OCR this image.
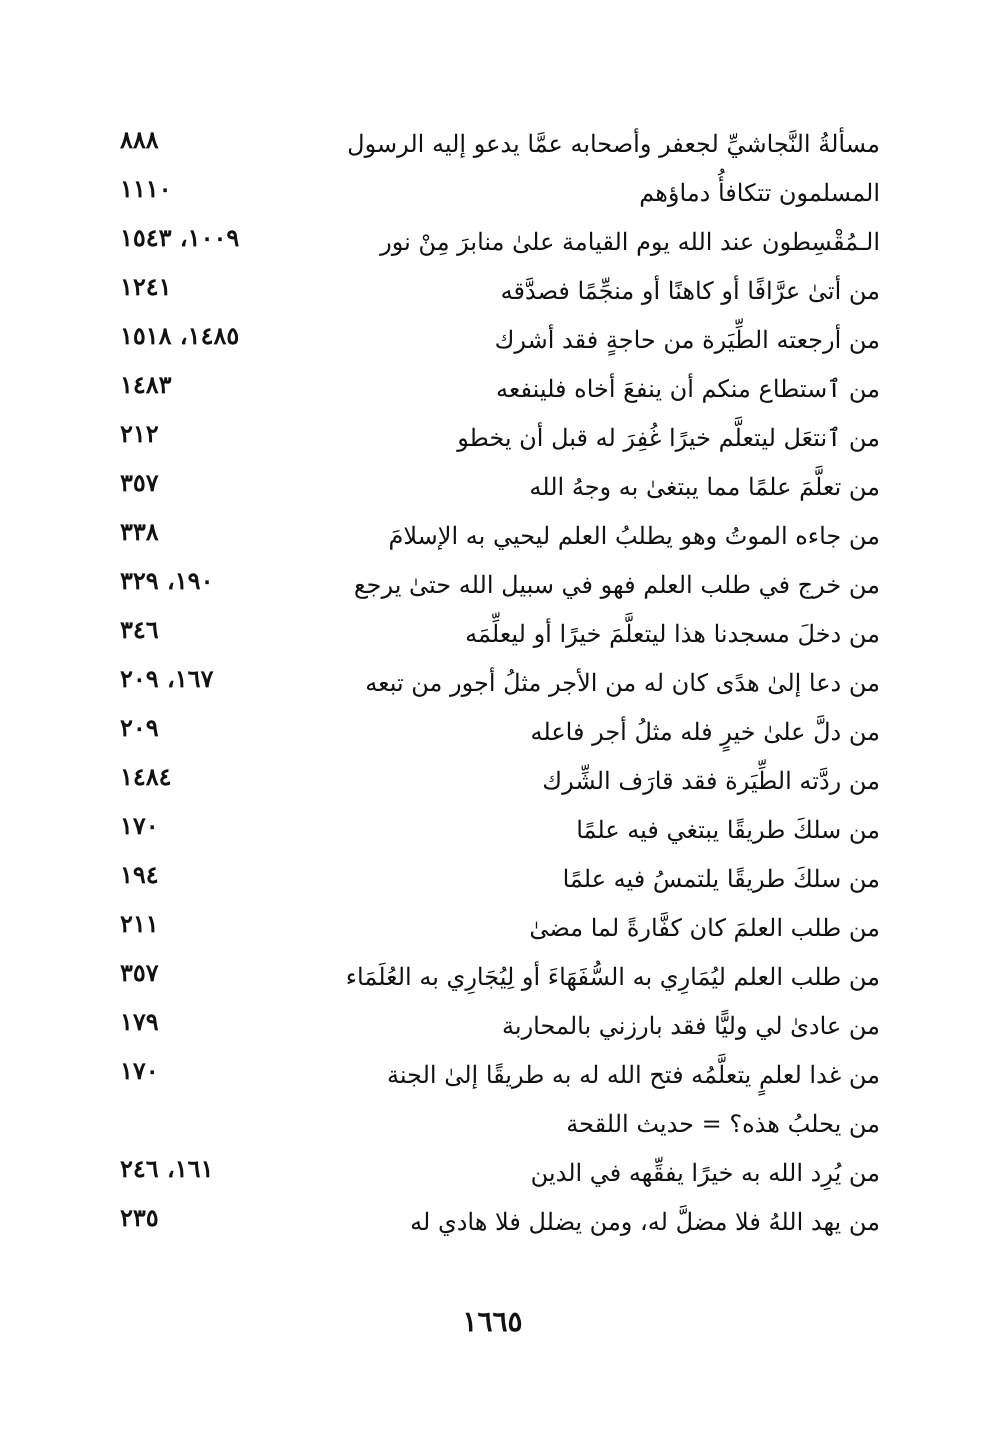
مسألةُ النَّجاشيِّ لجعفر وأصحابه عمَّا يدعو إليه الرسول
٨٨٨
المسلمون تتكافأُ دماؤهم
١١١٠
الـمُقْسِطون عند الله يوم القيامة علىٰ منابرَ مِنْ نور
١٠٠٩، ١٥٤٣
من أتىٰ عرَّافًا أو كاهنًا أو منجِّمًا فصدَّقه
١٢٤١
من أرجعته الطِّيَرة من حاجةٍ فقد أشرك
١٤٨٥، ١٥١٨
من ٱستطاع منكم أن ينفعَ أخاه فلينفعه
١٤٨٣
من ٱنتعَل ليتعلَّم خيرًا غُفِرَ له قبل أن يخطو
٢١٢
من تعلَّمَ علمًا مما يبتغىٰ به وجهُ الله
٣٥٧
من جاءه الموتُ وهو يطلبُ العلم ليحيي به الإسلامَ
٣٣٨
من خرج في طلب العلم فهو في سبيل الله حتىٰ يرجع
١٩٠، ٣٢٩
من دخلَ مسجدنا هذا ليتعلَّمَ خيرًا أو ليعلِّمَه
٣٤٦
من دعا إلىٰ هدًى كان له من الأجر مثلُ أجور من تبعه
١٦٧، ٢٠٩
من دلَّ علىٰ خيرٍ فله مثلُ أجر فاعله
٢٠٩
من ردَّته الطِّيَرة فقد قارَف الشِّرك
١٤٨٤
من سلكَ طريقًا يبتغي فيه علمًا
١٧٠
من سلكَ طريقًا يلتمسُ فيه علمًا
١٩٤
من طلب العلمَ كان كفَّارةً لما مضىٰ
٢١١
من طلب العلم ليُمَارِي به السُّفَهَاءَ أو لِيُجَارِي به العُلَمَاء
٣٥٧
من عادىٰ لي وليًّا فقد بارزني بالمحاربة
١٧٩
من غدا لعلمٍ يتعلَّمُه فتح الله له به طريقًا إلىٰ الجنة
١٧٠
من يحلبُ هذه؟ = حديث اللقحة
من يُرِد الله به خيرًا يفقِّهه في الدين
١٦١، ٢٤٦
من يهد اللهُ فلا مضلَّ له، ومن يضلل فلا هادي له
٢٣٥
١٦٦٥
